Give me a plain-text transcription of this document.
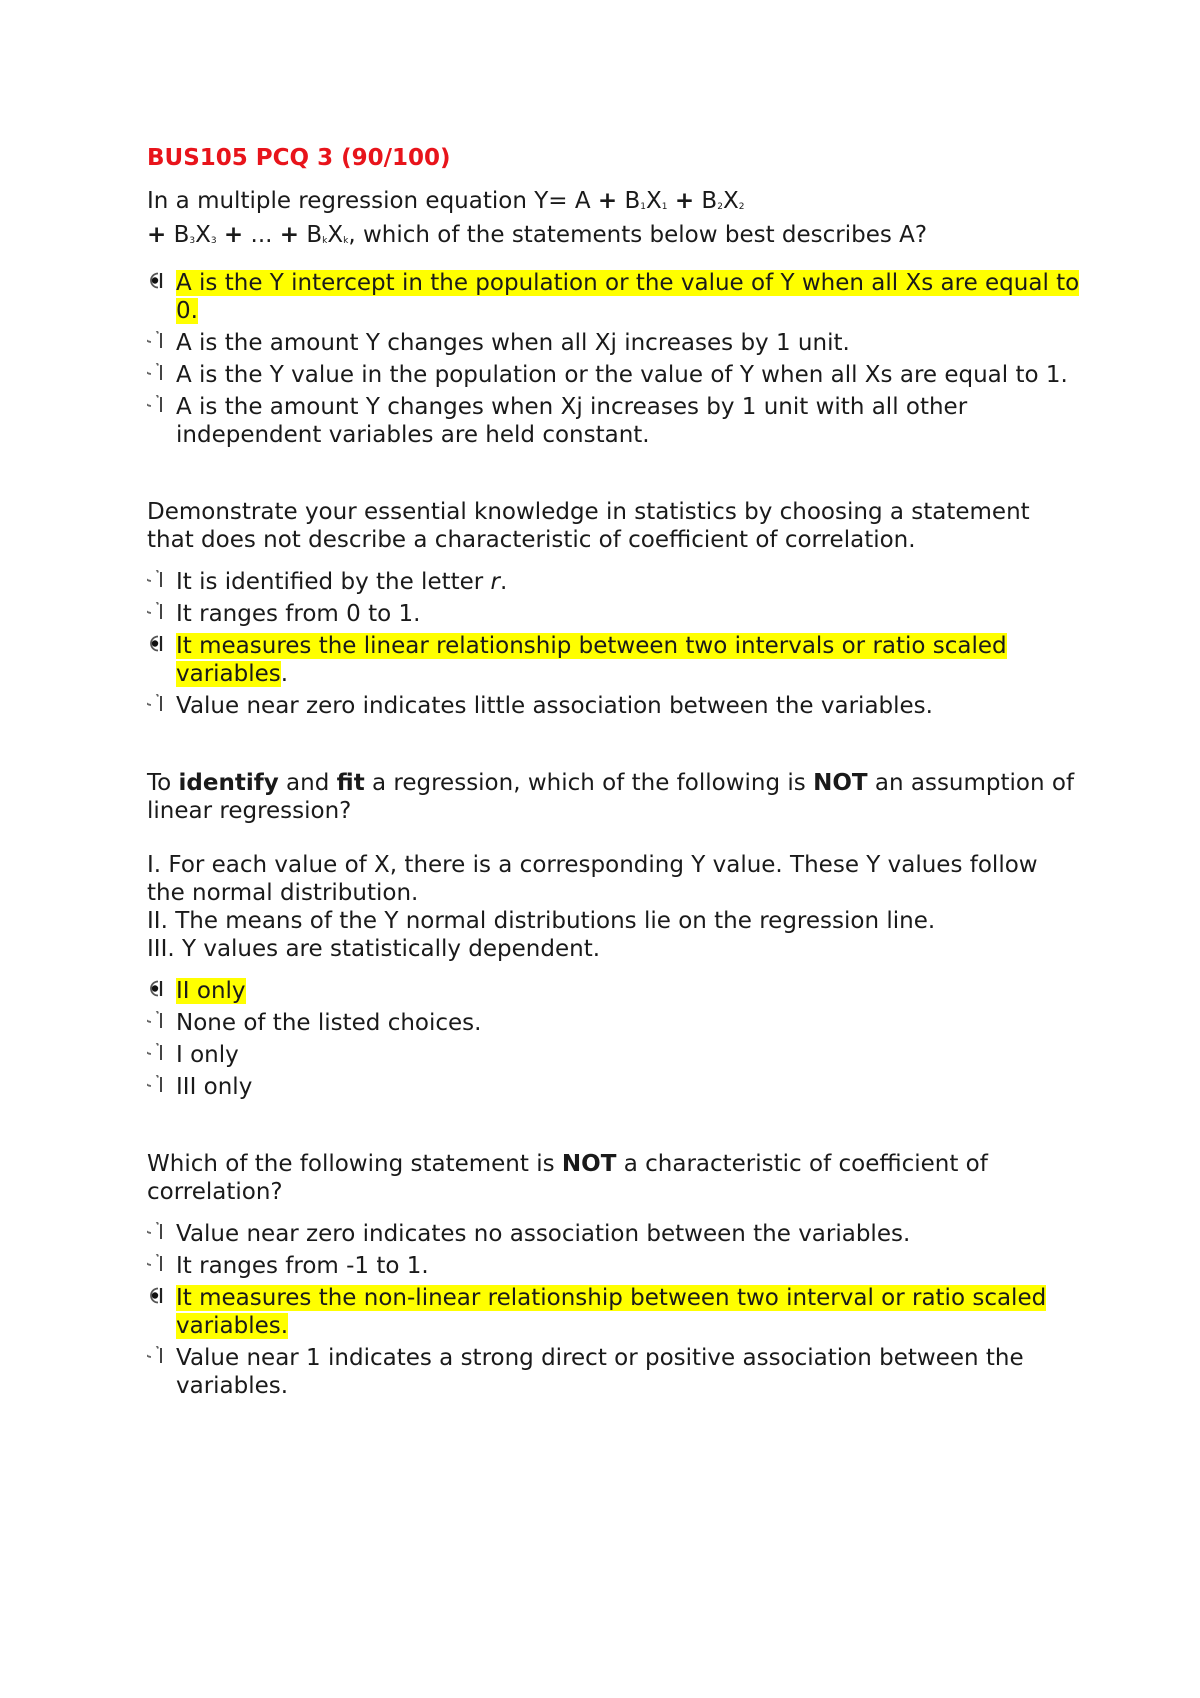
BUS105 PCQ 3 (90/100)

In a multiple regression equation $Y= A + B_1X_1 + B_2X_2$
+ $B_3X_3$ + ... + $B_kX_k$, which of the statements below best describes A?

A is the Y intercept in the population or the value of Y when all Xs are equal to 0.
A is the amount Y changes when all Xj increases by 1 unit.
A is the Y value in the population or the value of Y when all Xs are equal to 1.
A is the amount Y changes when Xj increases by 1 unit with all other independent variables are held constant.

Demonstrate your essential knowledge in statistics by choosing a statement that does not describe a characteristic of coefficient of correlation.

It is identified by the letter r.
It ranges from 0 to 1.
It measures the linear relationship between two intervals or ratio scaled variables.
Value near zero indicates little association between the variables.

To identify and fit a regression, which of the following is NOT an assumption of linear regression?

I. For each value of X, there is a corresponding Y value. These Y values follow the normal distribution.

II. The means of the Y normal distributions lie on the regression line.

III. Y values are statistically dependent.

II only
None of the listed choices.
I only
III only

Which of the following statement is NOT a characteristic of coefficient of correlation?

Value near zero indicates no association between the variables.
It ranges from -1 to 1.
It measures the non-linear relationship between two interval or ratio scaled variables.
Value near 1 indicates a strong direct or positive association between the variables.
